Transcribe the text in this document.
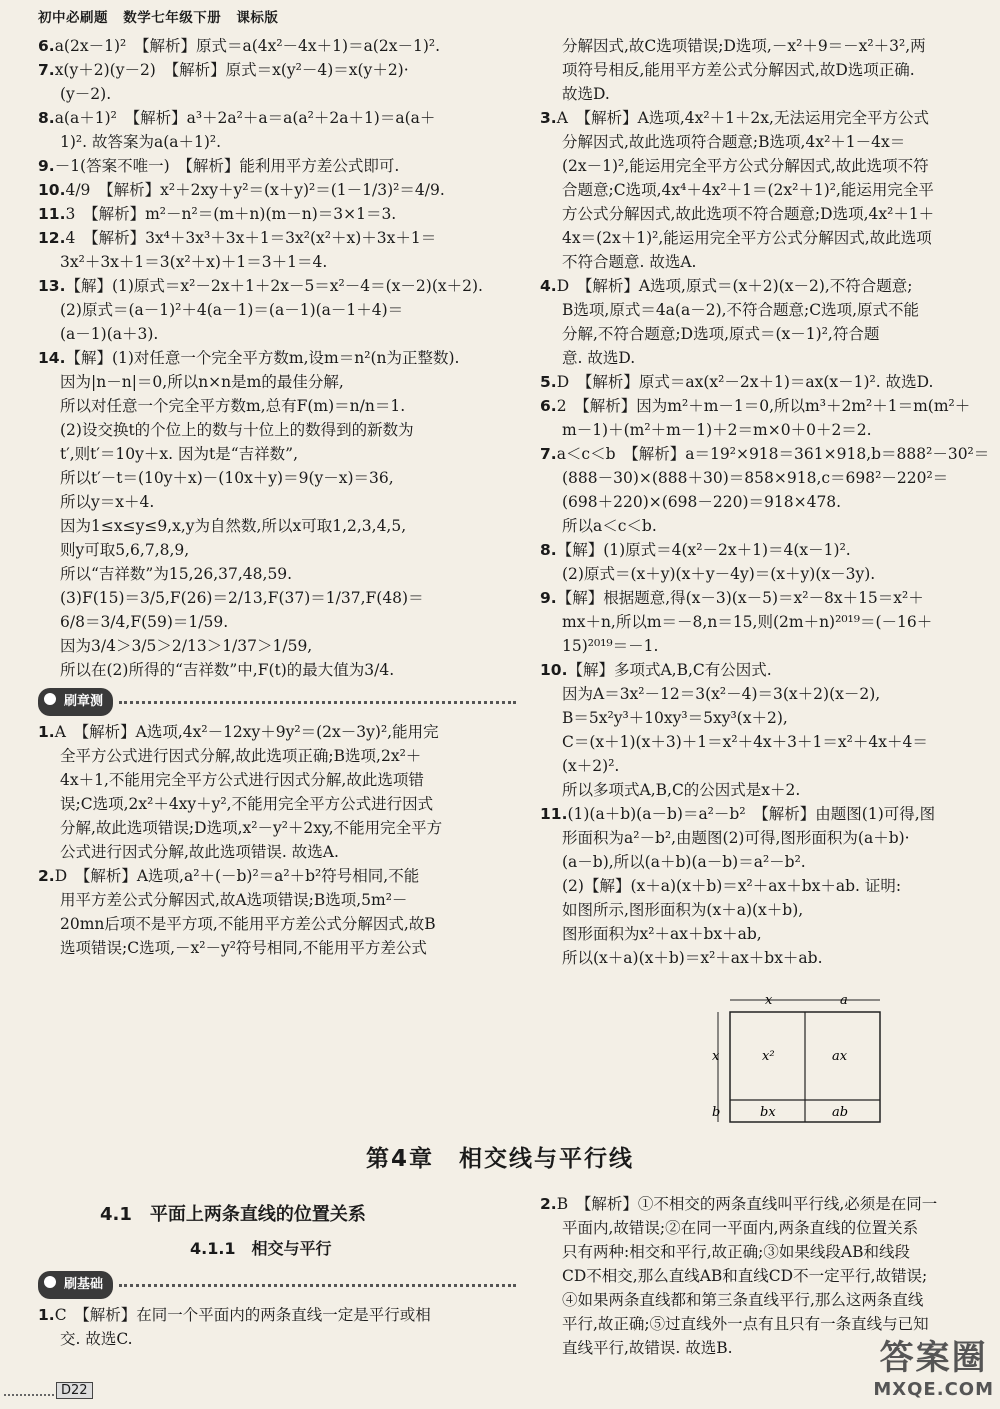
初中必刷题 数学七年级下册 课标版
6.a(2x－1)²　【解析】原式＝a(4x²－4x＋1)＝a(2x－1)².
7.x(y＋2)(y－2)　【解析】原式＝x(y²－4)＝x(y＋2)·
(y－2).
8.a(a＋1)²　【解析】a³＋2a²＋a＝a(a²＋2a＋1)＝a(a＋
1)². 故答案为a(a＋1)².
9.－1(答案不唯一)　【解析】能利用平方差公式即可.
10.4/9　【解析】x²＋2xy＋y²＝(x＋y)²＝(1－1/3)²＝4/9.
11.3　【解析】m²－n²＝(m＋n)(m－n)＝3×1＝3.
12.4　【解析】3x⁴＋3x³＋3x＋1＝3x²(x²＋x)＋3x＋1＝
3x²＋3x＋1＝3(x²＋x)＋1＝3＋1＝4.
13.【解】(1)原式＝x²－2x＋1＋2x－5＝x²－4＝(x－2)(x＋2).
(2)原式＝(a－1)²＋4(a－1)＝(a－1)(a－1＋4)＝
(a－1)(a＋3).
14.【解】(1)对任意一个完全平方数m,设m＝n²(n为正整数).
因为|n－n|＝0,所以n×n是m的最佳分解,
所以对任意一个完全平方数m,总有F(m)＝n/n＝1.
(2)设交换t的个位上的数与十位上的数得到的新数为
t′,则t′＝10y＋x. 因为t是“吉祥数”,
所以t′－t＝(10y＋x)－(10x＋y)＝9(y－x)＝36,
所以y＝x＋4.
因为1≤x≤y≤9,x,y为自然数,所以x可取1,2,3,4,5,
则y可取5,6,7,8,9,
所以“吉祥数”为15,26,37,48,59.
(3)F(15)＝3/5,F(26)＝2/13,F(37)＝1/37,F(48)＝
6/8＝3/4,F(59)＝1/59.
因为3/4＞3/5＞2/13＞1/37＞1/59,
所以在(2)所得的“吉祥数”中,F(t)的最大值为3/4.
刷章测
1.A　【解析】A选项,4x²－12xy＋9y²＝(2x－3y)²,能用完
全平方公式进行因式分解,故此选项正确;B选项,2x²＋
4x＋1,不能用完全平方公式进行因式分解,故此选项错
误;C选项,2x²＋4xy＋y²,不能用完全平方公式进行因式
分解,故此选项错误;D选项,x²－y²＋2xy,不能用完全平方
公式进行因式分解,故此选项错误. 故选A.
2.D　【解析】A选项,a²＋(－b)²＝a²＋b²符号相同,不能
用平方差公式分解因式,故A选项错误;B选项,5m²－
20mn后项不是平方项,不能用平方差公式分解因式,故B
选项错误;C选项,－x²－y²符号相同,不能用平方差公式
分解因式,故C选项错误;D选项,－x²＋9＝－x²＋3²,两
项符号相反,能用平方差公式分解因式,故D选项正确.
故选D.
3.A　【解析】A选项,4x²＋1＋2x,无法运用完全平方公式
分解因式,故此选项符合题意;B选项,4x²＋1－4x＝
(2x－1)²,能运用完全平方公式分解因式,故此选项不符
合题意;C选项,4x⁴＋4x²＋1＝(2x²＋1)²,能运用完全平
方公式分解因式,故此选项不符合题意;D选项,4x²＋1＋
4x＝(2x＋1)²,能运用完全平方公式分解因式,故此选项
不符合题意. 故选A.
4.D　【解析】A选项,原式＝(x＋2)(x－2),不符合题意;
B选项,原式＝4a(a－2),不符合题意;C选项,原式不能
分解,不符合题意;D选项,原式＝(x－1)²,符合题
意. 故选D.
5.D　【解析】原式＝ax(x²－2x＋1)＝ax(x－1)². 故选D.
6.2　【解析】因为m²＋m－1＝0,所以m³＋2m²＋1＝m(m²＋
m－1)＋(m²＋m－1)＋2＝m×0＋0＋2＝2.
7.a＜c＜b　【解析】a＝19²×918＝361×918,b＝888²－30²＝
(888－30)×(888＋30)＝858×918,c＝698²－220²＝
(698＋220)×(698－220)＝918×478.
所以a＜c＜b.
8.【解】(1)原式＝4(x²－2x＋1)＝4(x－1)².
(2)原式＝(x＋y)(x＋y－4y)＝(x＋y)(x－3y).
9.【解】根据题意,得(x－3)(x－5)＝x²－8x＋15＝x²＋
mx＋n,所以m＝－8,n＝15,则(2m＋n)²⁰¹⁹＝(－16＋
15)²⁰¹⁹＝－1.
10.【解】多项式A,B,C有公因式.
因为A＝3x²－12＝3(x²－4)＝3(x＋2)(x－2),
B＝5x²y³＋10xy³＝5xy³(x＋2),
C＝(x＋1)(x＋3)＋1＝x²＋4x＋3＋1＝x²＋4x＋4＝
(x＋2)².
所以多项式A,B,C的公因式是x＋2.
11.(1)(a＋b)(a－b)＝a²－b²　【解析】由题图(1)可得,图
形面积为a²－b²,由题图(2)可得,图形面积为(a＋b)·
(a－b),所以(a＋b)(a－b)＝a²－b².
(2)【解】(x＋a)(x＋b)＝x²＋ax＋bx＋ab. 证明:
如图所示,图形面积为(x＋a)(x＋b),
图形面积为x²＋ax＋bx＋ab,
所以(x＋a)(x＋b)＝x²＋ax＋bx＋ab.
x	a
x
b
x²	ax
bx	ab
第4章　相交线与平行线
4.1　平面上两条直线的位置关系
4.1.1　相交与平行
刷基础
1.C　【解析】在同一个平面内的两条直线一定是平行或相
交. 故选C.
2.B　【解析】①不相交的两条直线叫平行线,必须是在同一
平面内,故错误;②在同一平面内,两条直线的位置关系
只有两种:相交和平行,故正确;③如果线段AB和线段
CD不相交,那么直线AB和直线CD不一定平行,故错误;
④如果两条直线都和第三条直线平行,那么这两条直线
平行,故正确;⑤过直线外一点有且只有一条直线与已知
直线平行,故错误. 故选B.
D22
答案圈
MXQE.COM
